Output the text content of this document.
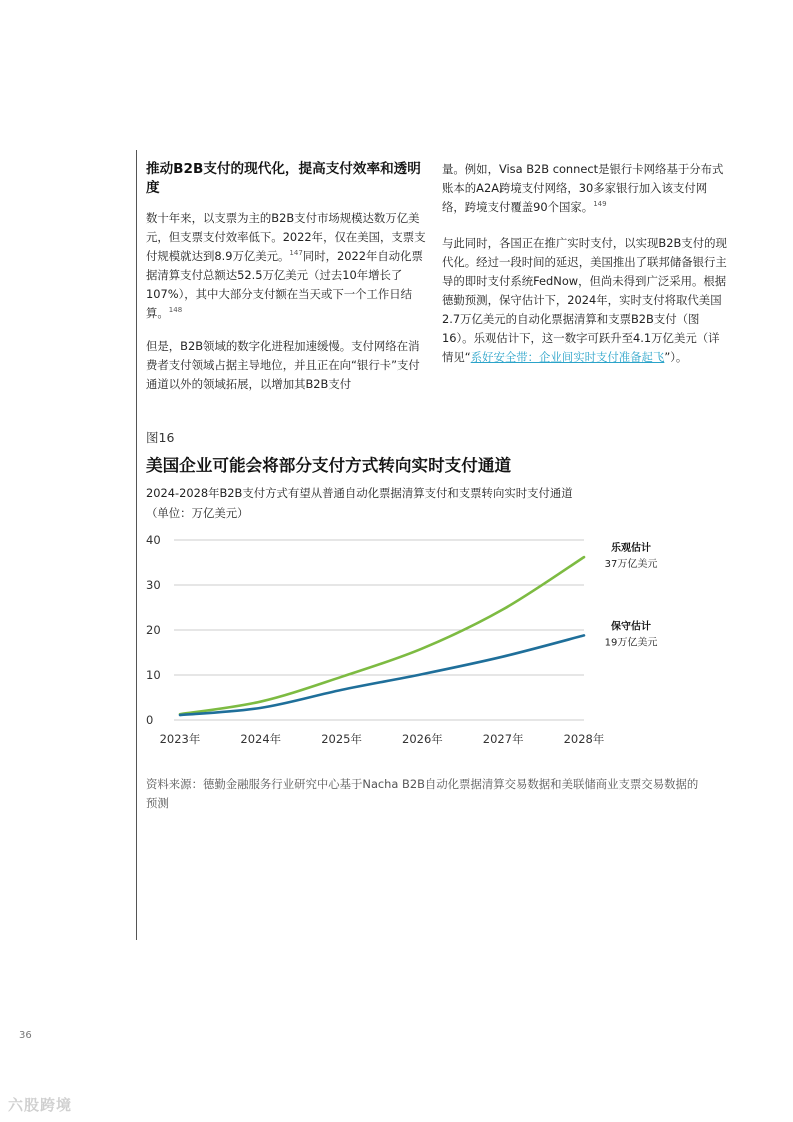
推动B2B支付的现代化，提高支付效率和透明度

数十年来，以支票为主的B2B支付市场规模达数万亿美元，但支票支付效率低下。2022年，仅在美国，支票支付规模就达到8.9万亿美元。$^{147}$同时，2022年自动化票据清算支付总额达52.5万亿美元（过去10年增长了107%），其中大部分支付额在当天或下一个工作日结算。$^{148}$

但是，B2B领域的数字化进程加速缓慢。支付网络在消费者支付领域占据主导地位，并且正在向“银行卡”支付通道以外的领域拓展，以增加其B2B支付

量。例如，Visa B2B connect是银行卡网络基于分布式账本的A2A跨境支付网络，30多家银行加入该支付网络，跨境支付覆盖90个国家。$^{149}$

与此同时，各国正在推广实时支付，以实现B2B支付的现代化。经过一段时间的延迟，美国推出了联邦储备银行主导的即时支付系统FedNow，但尚未得到广泛采用。根据德勤预测，保守估计下，2024年，实时支付将取代美国2.7万亿美元的自动化票据清算和支票B2B支付（图16）。乐观估计下，这一数字可跃升至4.1万亿美元（详情见“系好安全带：企业间实时支付准备起飞”）。

图16
美国企业可能会将部分支付方式转向实时支付通道
2024-2028年B2B支付方式有望从普通自动化票据清算支付和支票转向实时支付通道
（单位：万亿美元）
0
10
20
30
40
2023年	2024年	2025年	2026年	2027年	2028年
乐观估计
37万亿美元
保守估计
19万亿美元
资料来源：德勤金融服务行业研究中心基于Nacha B2B自动化票据清算交易数据和美联储商业支票交易数据的预测
36
六股跨境
